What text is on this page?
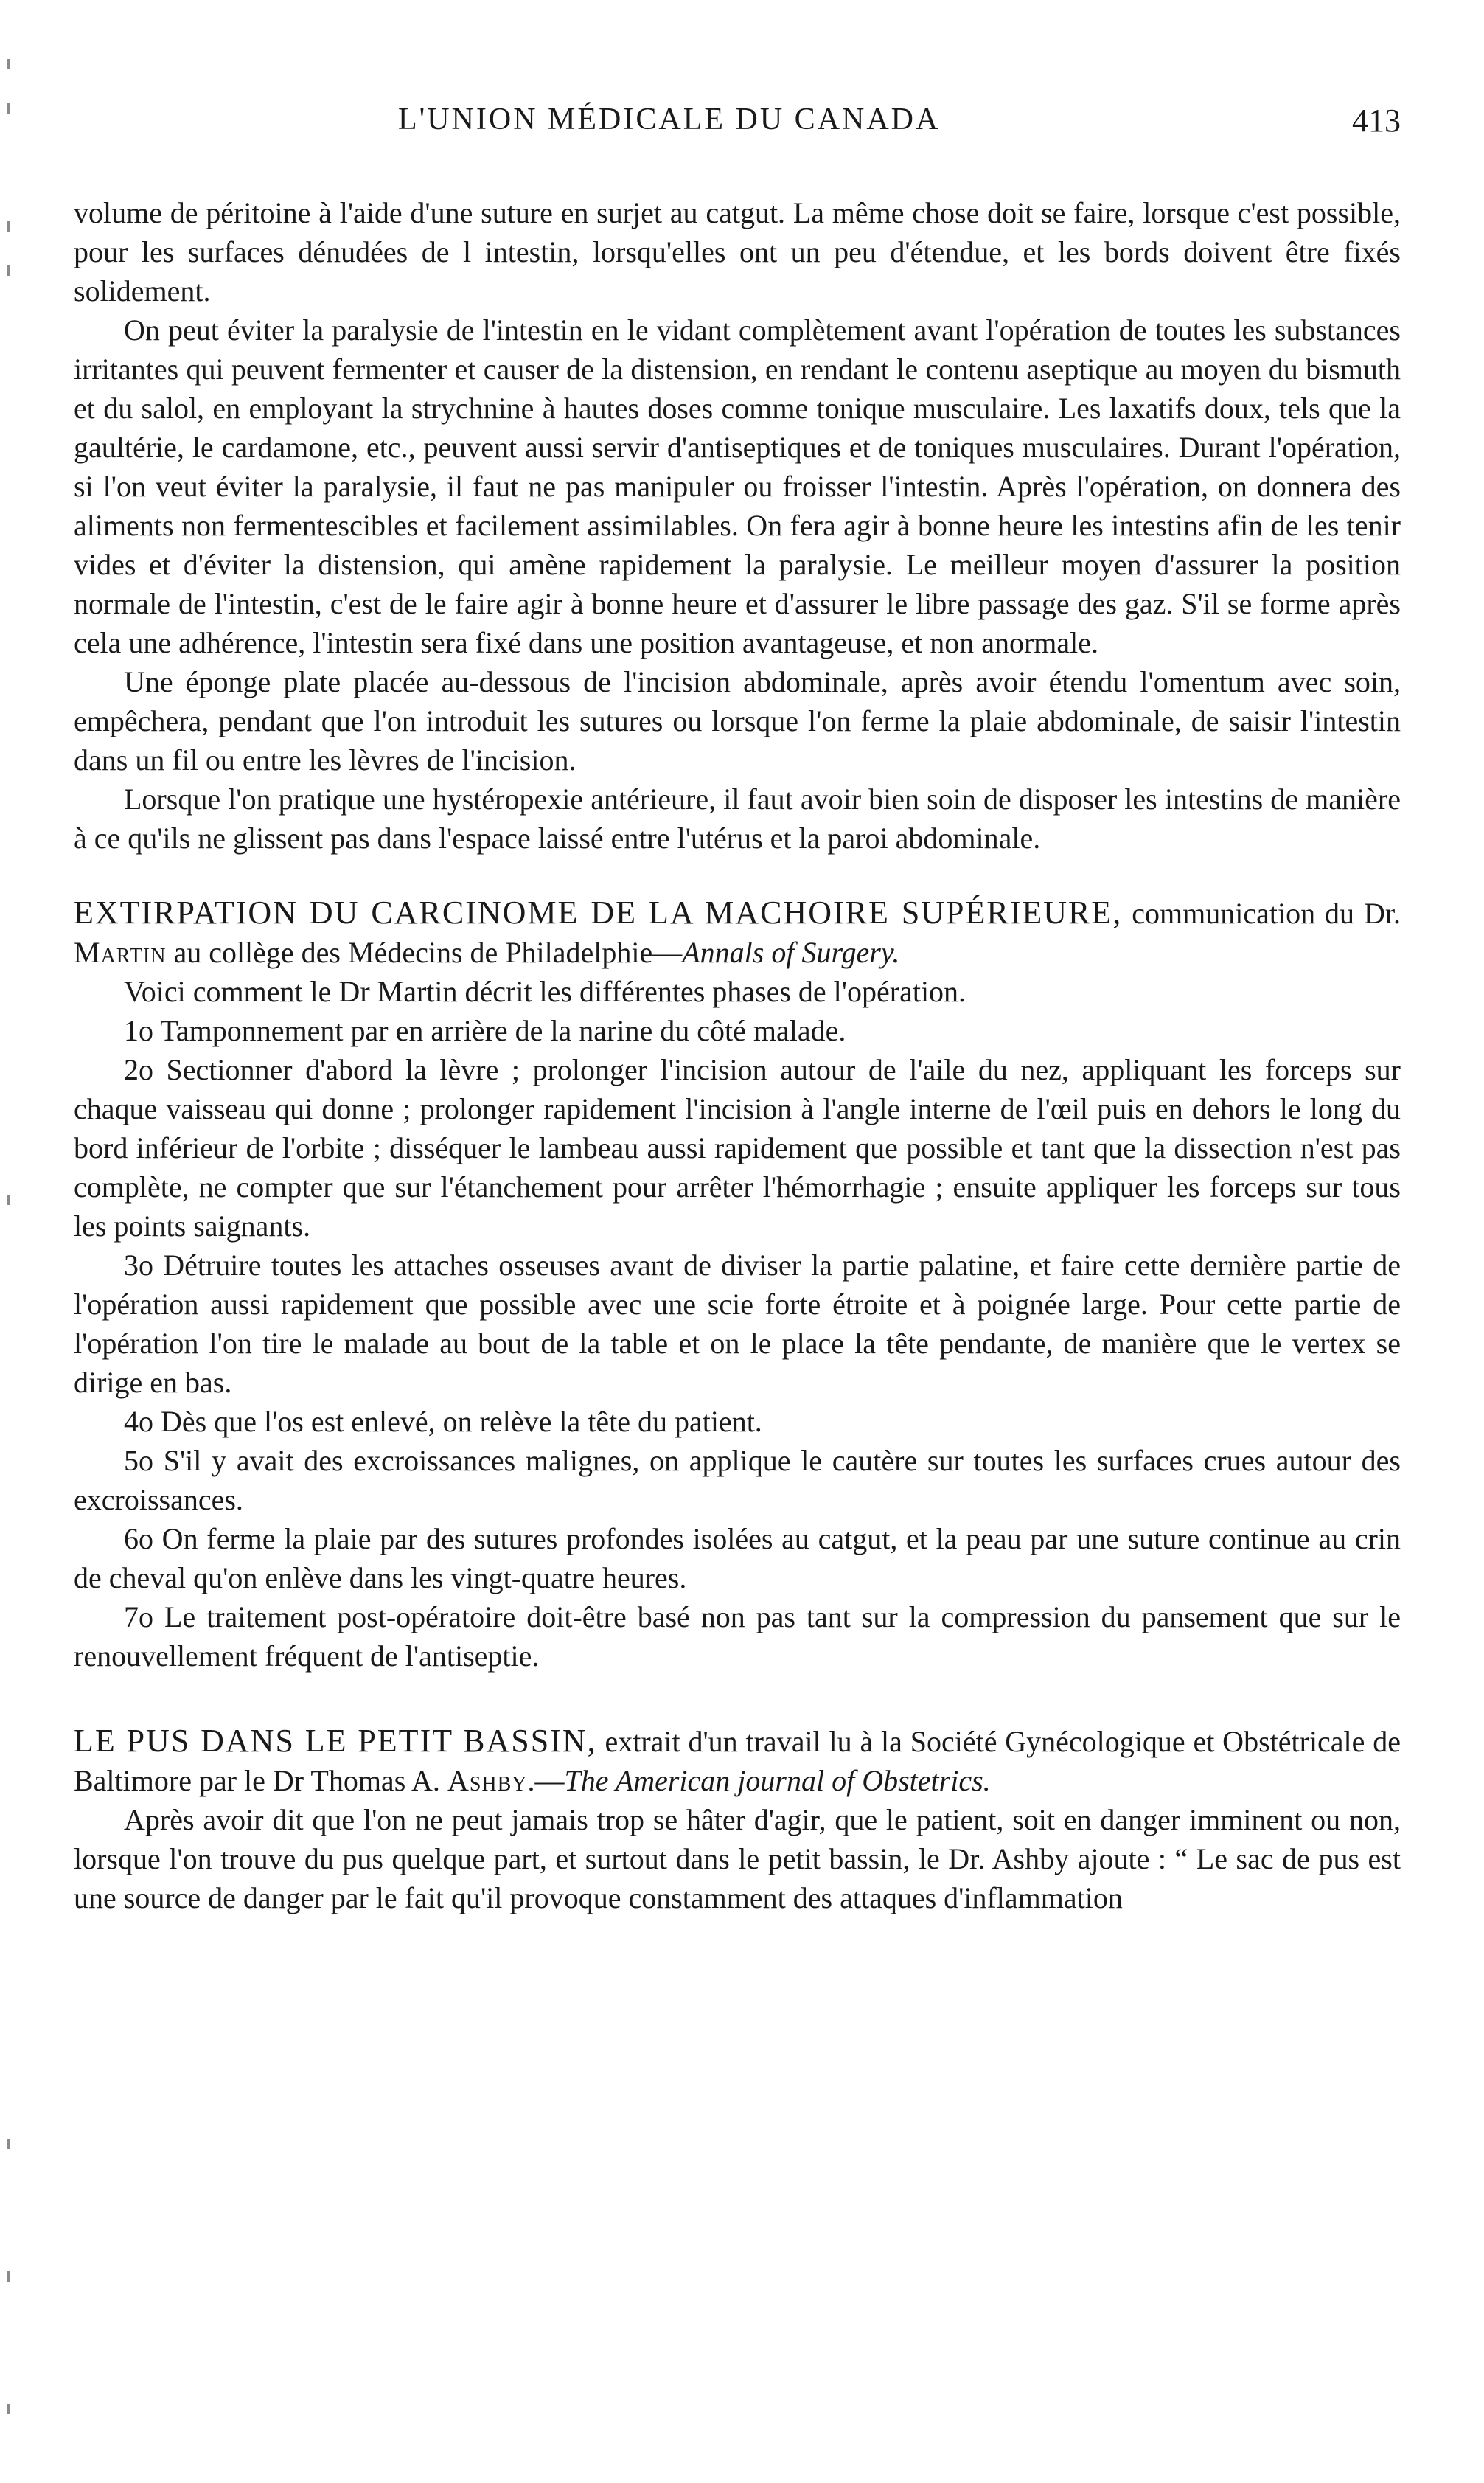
L'UNION MÉDICALE DU CANADA	413

volume de péritoine à l'aide d'une suture en surjet au catgut. La même chose doit se faire, lorsque c'est possible, pour les surfaces dénudées de l intestin, lorsqu'elles ont un peu d'étendue, et les bords doivent être fixés solidement.

On peut éviter la paralysie de l'intestin en le vidant complètement avant l'opération de toutes les substances irritantes qui peuvent fermenter et causer de la distension, en rendant le contenu aseptique au moyen du bismuth et du salol, en employant la strychnine à hautes doses comme tonique musculaire. Les laxatifs doux, tels que la gaultérie, le cardamone, etc., peuvent aussi servir d'antiseptiques et de toniques musculaires. Durant l'opération, si l'on veut éviter la paralysie, il faut ne pas manipuler ou froisser l'intestin. Après l'opération, on donnera des aliments non fermentescibles et facilement assimilables. On fera agir à bonne heure les intestins afin de les tenir vides et d'éviter la distension, qui amène rapidement la paralysie. Le meilleur moyen d'assurer la position normale de l'intestin, c'est de le faire agir à bonne heure et d'assurer le libre passage des gaz. S'il se forme après cela une adhérence, l'intestin sera fixé dans une position avantageuse, et non anormale.

Une éponge plate placée au-dessous de l'incision abdominale, après avoir étendu l'omentum avec soin, empêchera, pendant que l'on introduit les sutures ou lorsque l'on ferme la plaie abdominale, de saisir l'intestin dans un fil ou entre les lèvres de l'incision.

Lorsque l'on pratique une hystéropexie antérieure, il faut avoir bien soin de disposer les intestins de manière à ce qu'ils ne glissent pas dans l'espace laissé entre l'utérus et la paroi abdominale.

EXTIRPATION DU CARCINOME DE LA MACHOIRE SUPÉRIEURE, communication du Dr. Martin au collège des Médecins de Philadelphie—Annals of Surgery.

Voici comment le Dr Martin décrit les différentes phases de l'opération.

1o Tamponnement par en arrière de la narine du côté malade.

2o Sectionner d'abord la lèvre ; prolonger l'incision autour de l'aile du nez, appliquant les forceps sur chaque vaisseau qui donne ; prolonger rapidement l'incision à l'angle interne de l'œil puis en dehors le long du bord inférieur de l'orbite ; disséquer le lambeau aussi rapidement que possible et tant que la dissection n'est pas complète, ne compter que sur l'étanchement pour arrêter l'hémorrhagie ; ensuite appliquer les forceps sur tous les points saignants.

3o Détruire toutes les attaches osseuses avant de diviser la partie palatine, et faire cette dernière partie de l'opération aussi rapidement que possible avec une scie forte étroite et à poignée large. Pour cette partie de l'opération l'on tire le malade au bout de la table et on le place la tête pendante, de manière que le vertex se dirige en bas.

4o Dès que l'os est enlevé, on relève la tête du patient.

5o S'il y avait des excroissances malignes, on applique le cautère sur toutes les surfaces crues autour des excroissances.

6o On ferme la plaie par des sutures profondes isolées au catgut, et la peau par une suture continue au crin de cheval qu'on enlève dans les vingt-quatre heures.

7o Le traitement post-opératoire doit-être basé non pas tant sur la compression du pansement que sur le renouvellement fréquent de l'antiseptie.

LE PUS DANS LE PETIT BASSIN, extrait d'un travail lu à la Société Gynécologique et Obstétricale de Baltimore par le Dr Thomas A. Ashby.—The American journal of Obstetrics.

Après avoir dit que l'on ne peut jamais trop se hâter d'agir, que le patient, soit en danger imminent ou non, lorsque l'on trouve du pus quelque part, et surtout dans le petit bassin, le Dr. Ashby ajoute : “ Le sac de pus est une source de danger par le fait qu'il provoque constamment des attaques d'inflammation
